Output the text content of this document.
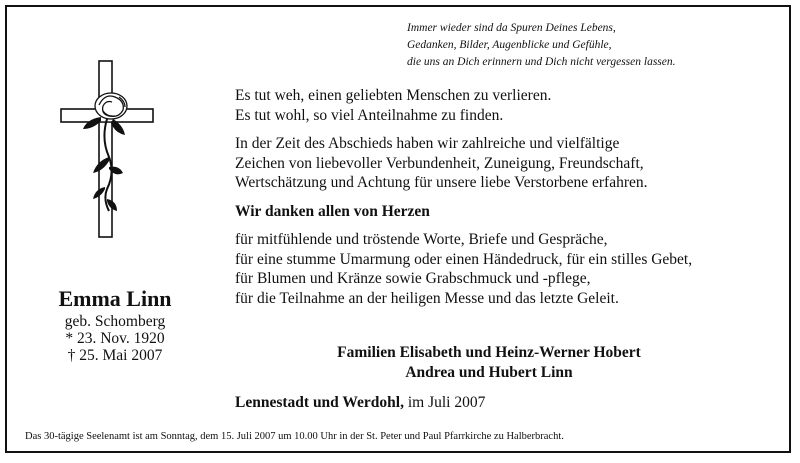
Immer wieder sind da Spuren Deines Lebens,
Gedanken, Bilder, Augenblicke und Gefühle,
die uns an Dich erinnern und Dich nicht vergessen lassen.
Emma Linn
geb. Schomberg
* 23. Nov. 1920
† 25. Mai 2007
Es tut weh, einen geliebten Menschen zu verlieren.
Es tut wohl, so viel Anteilnahme zu finden.
In der Zeit des Abschieds haben wir zahlreiche und vielfältige
Zeichen von liebevoller Verbundenheit, Zuneigung, Freundschaft,
Wertschätzung und Achtung für unsere liebe Verstorbene erfahren.
Wir danken allen von Herzen
für mitfühlende und tröstende Worte, Briefe und Gespräche,
für eine stumme Umarmung oder einen Händedruck, für ein stilles Gebet,
für Blumen und Kränze sowie Grabschmuck und -pflege,
für die Teilnahme an der heiligen Messe und das letzte Geleit.
Familien Elisabeth und Heinz-Werner Hobert
Andrea und Hubert Linn
Lennestadt und Werdohl, im Juli 2007
Das 30-tägige Seelenamt ist am Sonntag, dem 15. Juli 2007 um 10.00 Uhr in der St. Peter und Paul Pfarrkirche zu Halberbracht.
